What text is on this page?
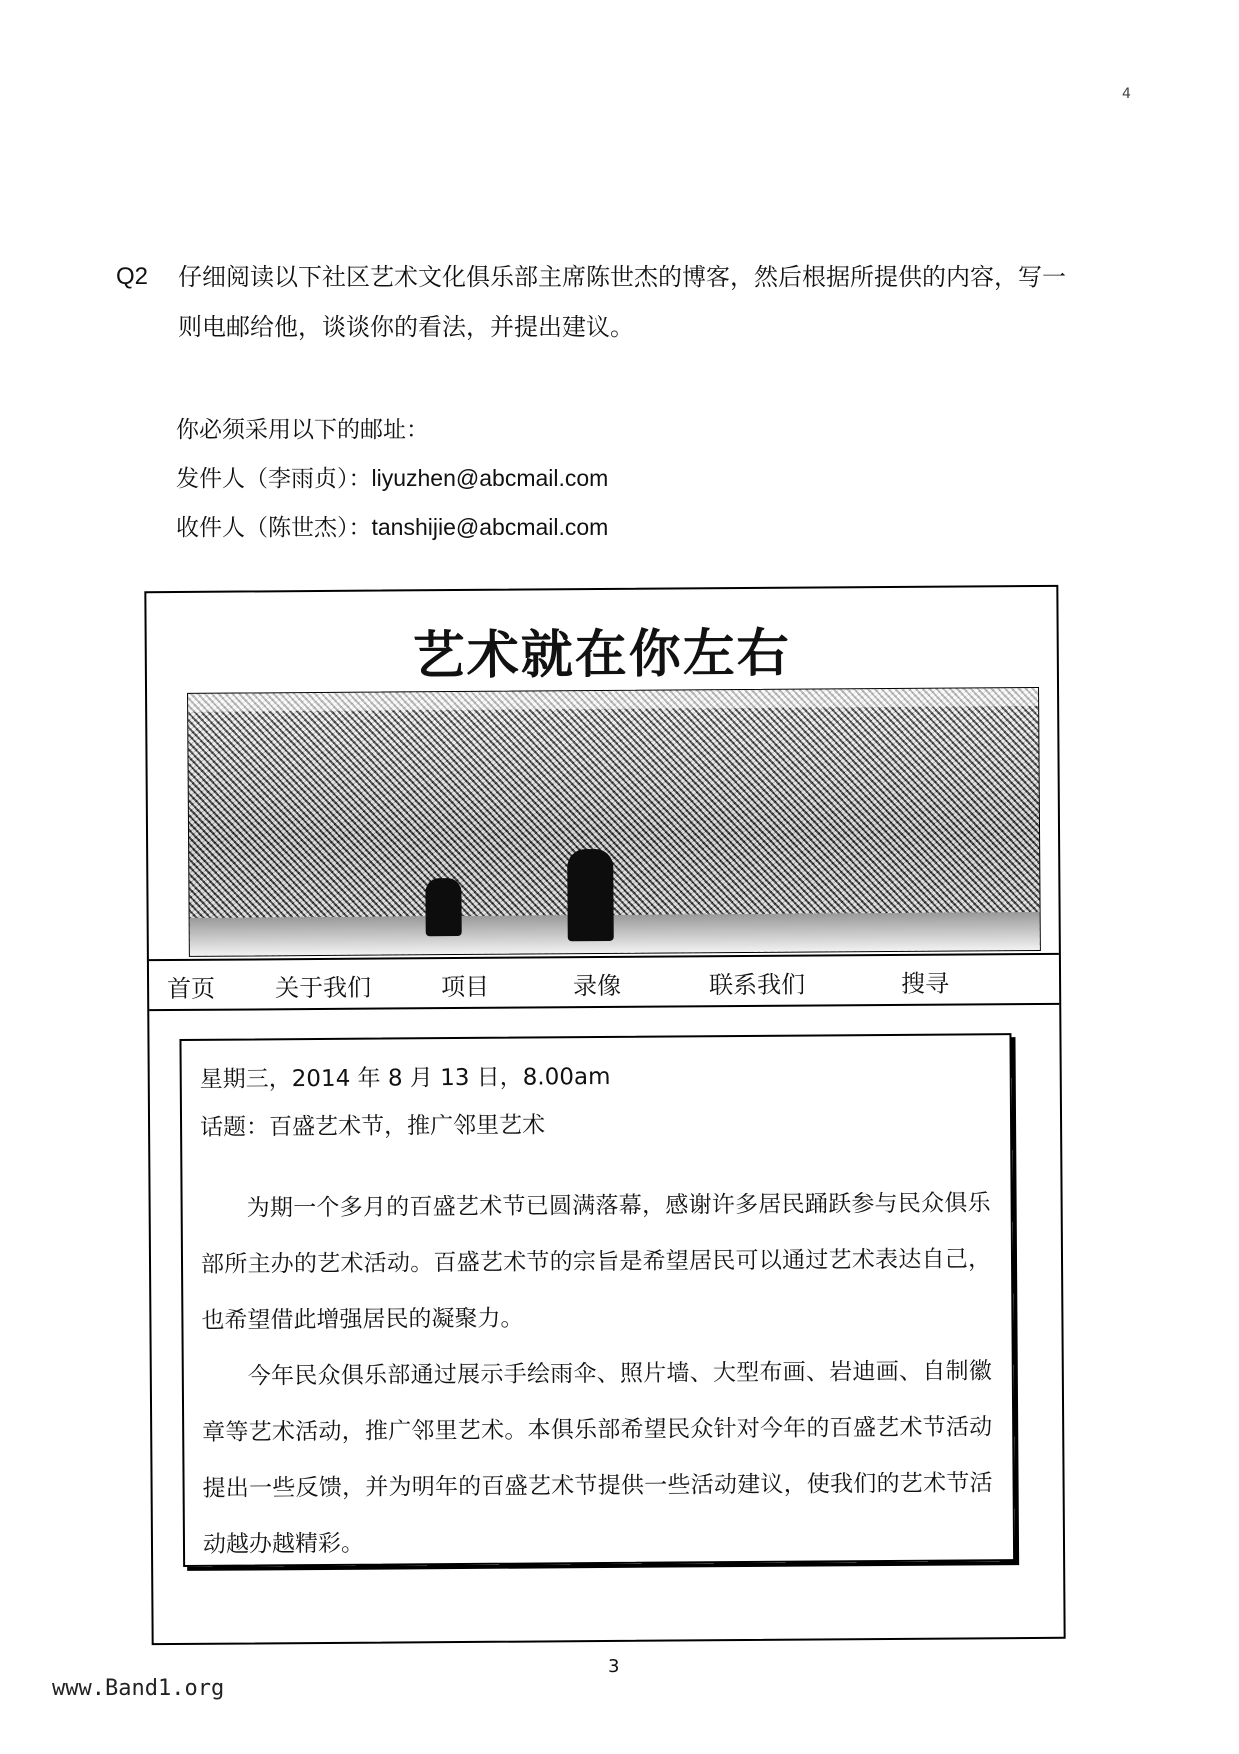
4
Q2 仔细阅读以下社区艺术文化俱乐部主席陈世杰的博客，然后根据所提供的内容，写一则电邮给他，谈谈你的看法，并提出建议。
你必须采用以下的邮址：
发件人（李雨贞）：liyuzhen@abcmail.com
收件人（陈世杰）：tanshijie@abcmail.com
艺术就在你左右
首页 关于我们	项目	录像	联系我们	搜寻
星期三，2014 年 8 月 13 日，8.00am
话题：百盛艺术节，推广邻里艺术

为期一个多月的百盛艺术节已圆满落幕，感谢许多居民踊跃参与民众俱乐部所主办的艺术活动。百盛艺术节的宗旨是希望居民可以通过艺术表达自己，也希望借此增强居民的凝聚力。

今年民众俱乐部通过展示手绘雨伞、照片墙、大型布画、岩迪画、自制徽章等艺术活动，推广邻里艺术。本俱乐部希望民众针对今年的百盛艺术节活动提出一些反馈，并为明年的百盛艺术节提供一些活动建议，使我们的艺术节活动越办越精彩。

3
www.Band1.org
